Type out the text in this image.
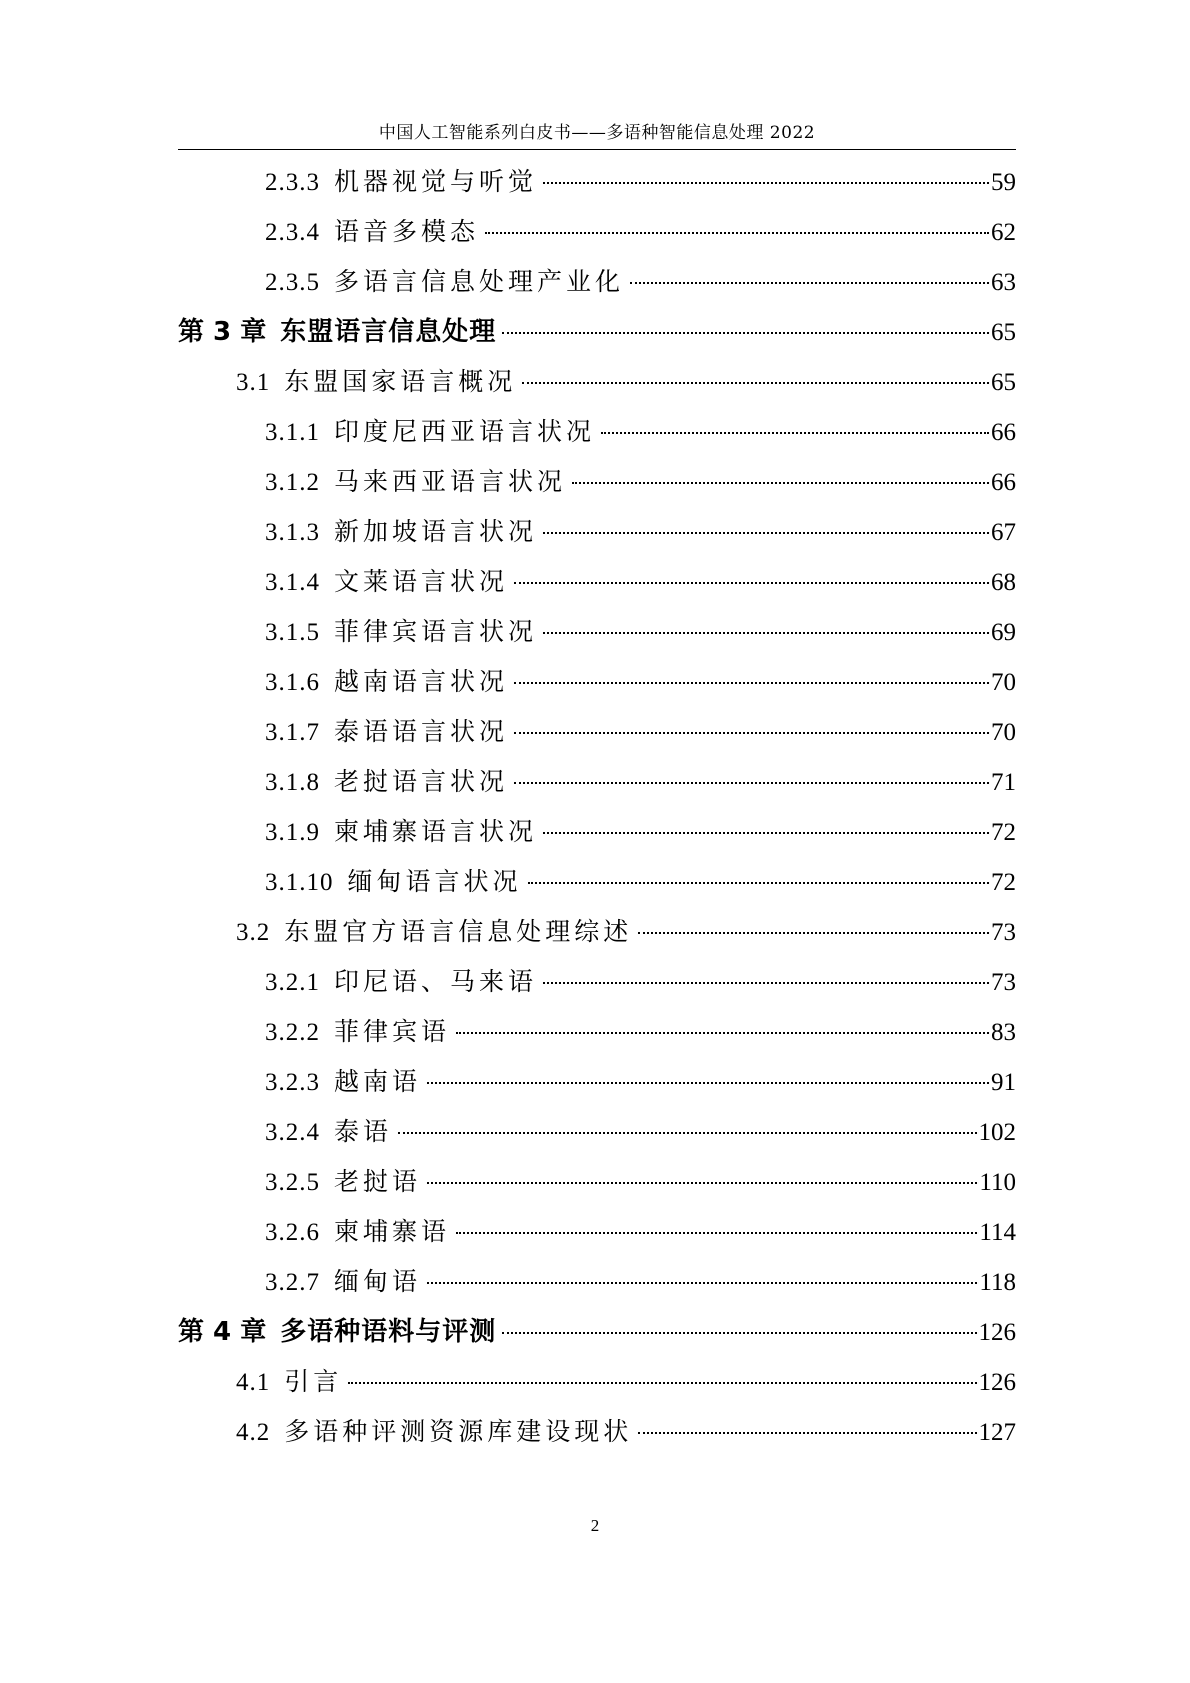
中国人工智能系列白皮书——多语种智能信息处理 2022
2.3.3 机器视觉与听觉	59
2.3.4 语音多模态	62
2.3.5 多语言信息处理产业化	63
第 3 章 东盟语言信息处理	65
3.1 东盟国家语言概况	65
3.1.1 印度尼西亚语言状况	66
3.1.2 马来西亚语言状况	66
3.1.3 新加坡语言状况	67
3.1.4 文莱语言状况	68
3.1.5 菲律宾语言状况	69
3.1.6 越南语言状况	70
3.1.7 泰语语言状况	70
3.1.8 老挝语言状况	71
3.1.9 柬埔寨语言状况	72
3.1.10 缅甸语言状况	72
3.2 东盟官方语言信息处理综述	73
3.2.1 印尼语、马来语	73
3.2.2 菲律宾语	83
3.2.3 越南语	91
3.2.4 泰语	102
3.2.5 老挝语	110
3.2.6 柬埔寨语	114
3.2.7 缅甸语	118
第 4 章 多语种语料与评测	126
4.1 引言	126
4.2 多语种评测资源库建设现状	127
2
